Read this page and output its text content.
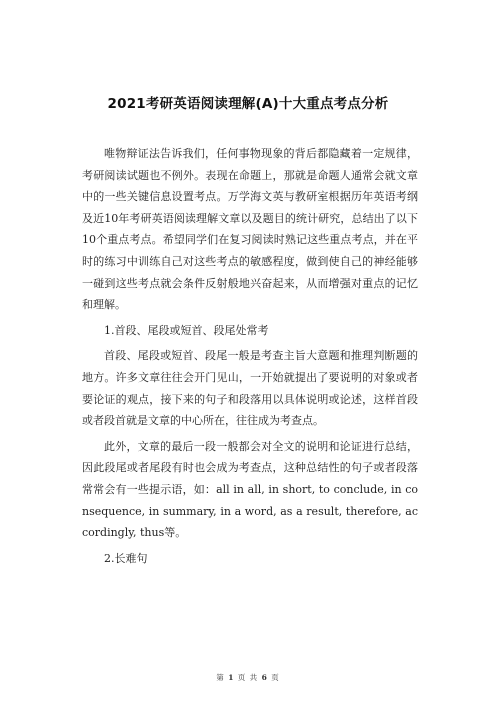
2021考研英语阅读理解(A)十大重点考点分析

唯物辩证法告诉我们，任何事物现象的背后都隐藏着一定规律，考研阅读试题也不例外。表现在命题上，那就是命题人通常会就文章中的一些关键信息设置考点。万学海文英与教研室根据历年英语考纲及近10年考研英语阅读理解文章以及题目的统计研究，总结出了以下10个重点考点。希望同学们在复习阅读时熟记这些重点考点，并在平时的练习中训练自己对这些考点的敏感程度，做到使自己的神经能够一碰到这些考点就会条件反射般地兴奋起来，从而增强对重点的记忆和理解。

1.首段、尾段或短首、段尾处常考

首段、尾段或短首、段尾一般是考查主旨大意题和推理判断题的地方。许多文章往往会开门见山，一开始就提出了要说明的对象或者要论证的观点，接下来的句子和段落用以具体说明或论述，这样首段或者段首就是文章的中心所在，往往成为考查点。

此外，文章的最后一段一般都会对全文的说明和论证进行总结，因此段尾或者尾段有时也会成为考查点，这种总结性的句子或者段落常常会有一些提示语，如：all in all, in short, to conclude, in consequence, in summary, in a word, as a result, therefore, accordingly, thus等。

2.长难句

第 1 页 共 6 页
